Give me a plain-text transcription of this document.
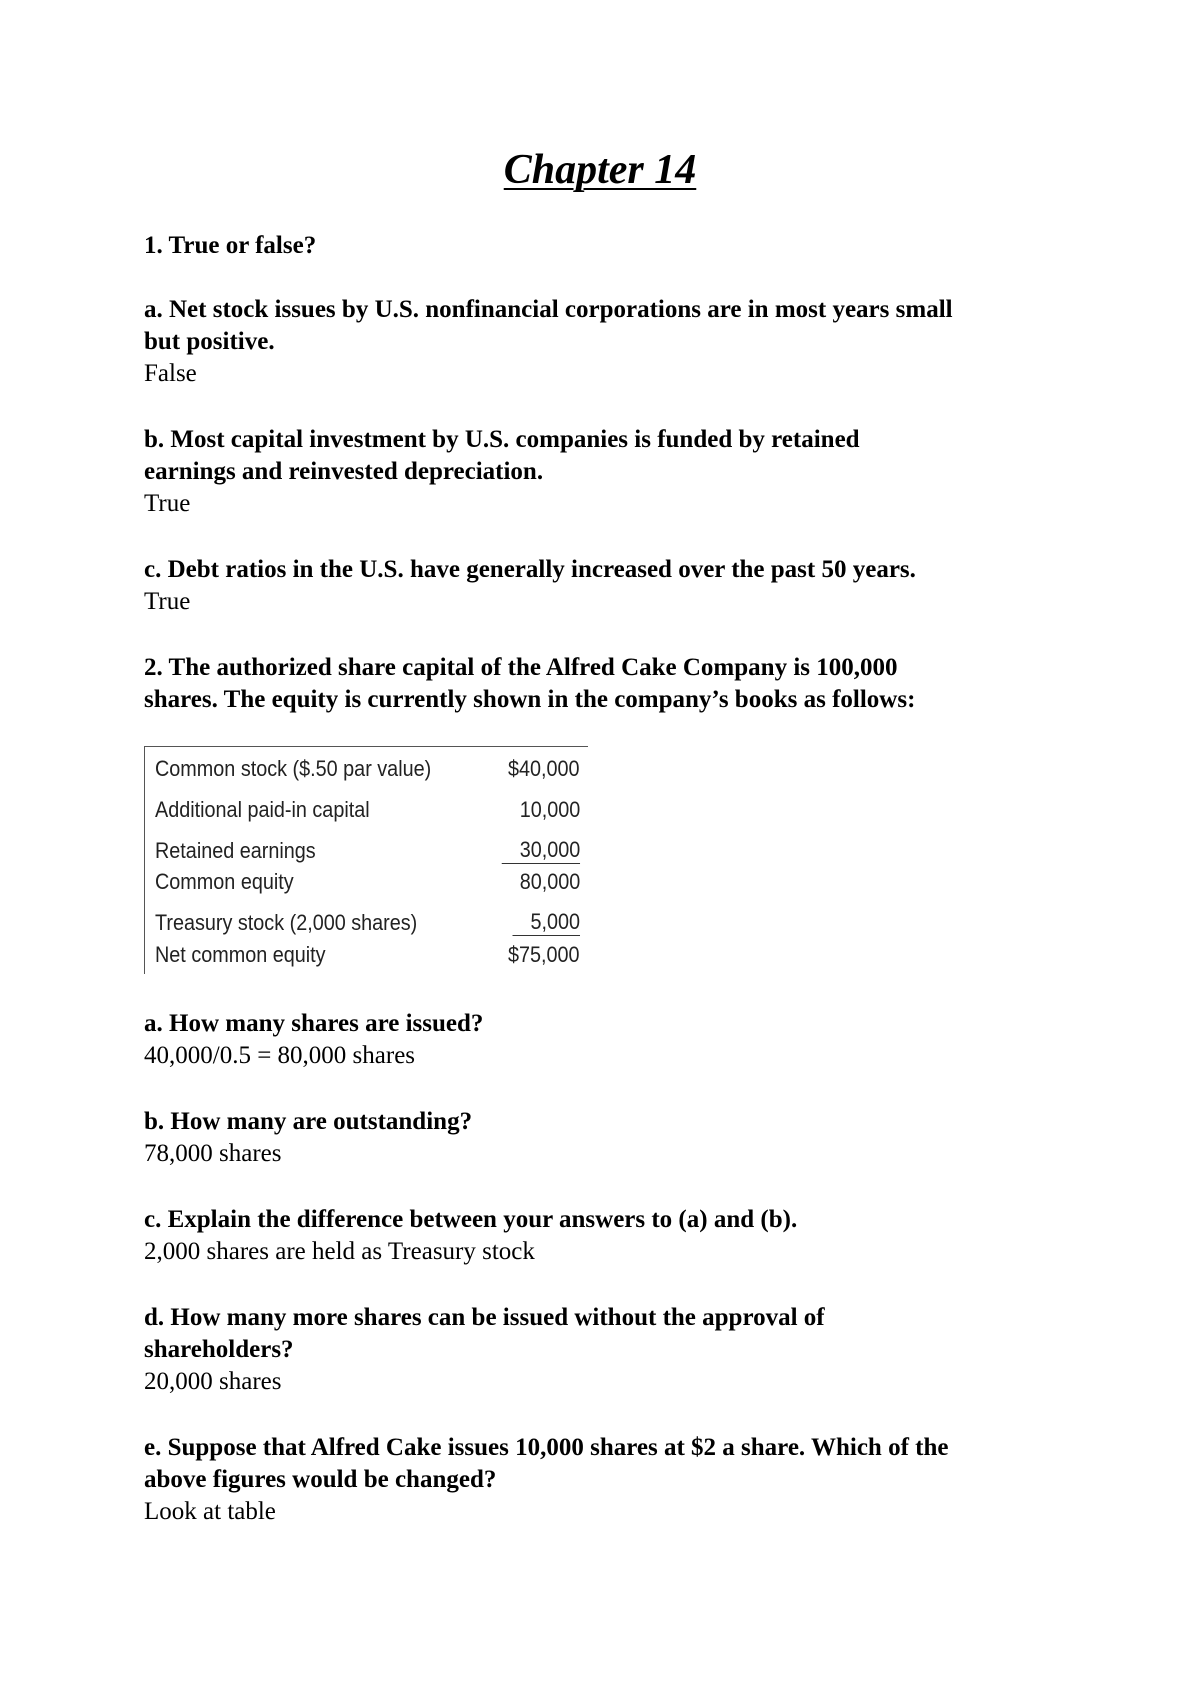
Chapter 14
1. True or false?
a. Net stock issues by U.S. nonfinancial corporations are in most years small
but positive.
False
b. Most capital investment by U.S. companies is funded by retained
earnings and reinvested depreciation.
True
c. Debt ratios in the U.S. have generally increased over the past 50 years.
True
2. The authorized share capital of the Alfred Cake Company is 100,000
shares. The equity is currently shown in the company’s books as follows:
a. How many shares are issued?
40,000/0.5 = 80,000 shares
b. How many are outstanding?
78,000 shares
c. Explain the difference between your answers to (a) and (b).
2,000 shares are held as Treasury stock
d. How many more shares can be issued without the approval of
shareholders?
20,000 shares
e. Suppose that Alfred Cake issues 10,000 shares at $2 a share. Which of the
above figures would be changed?
Look at table
Common stock ($.50 par value)	$40,000
Additional paid-in capital	10,000
Retained earnings	30,000
Common equity	80,000
Treasury stock (2,000 shares)	5,000
Net common equity	$75,000
